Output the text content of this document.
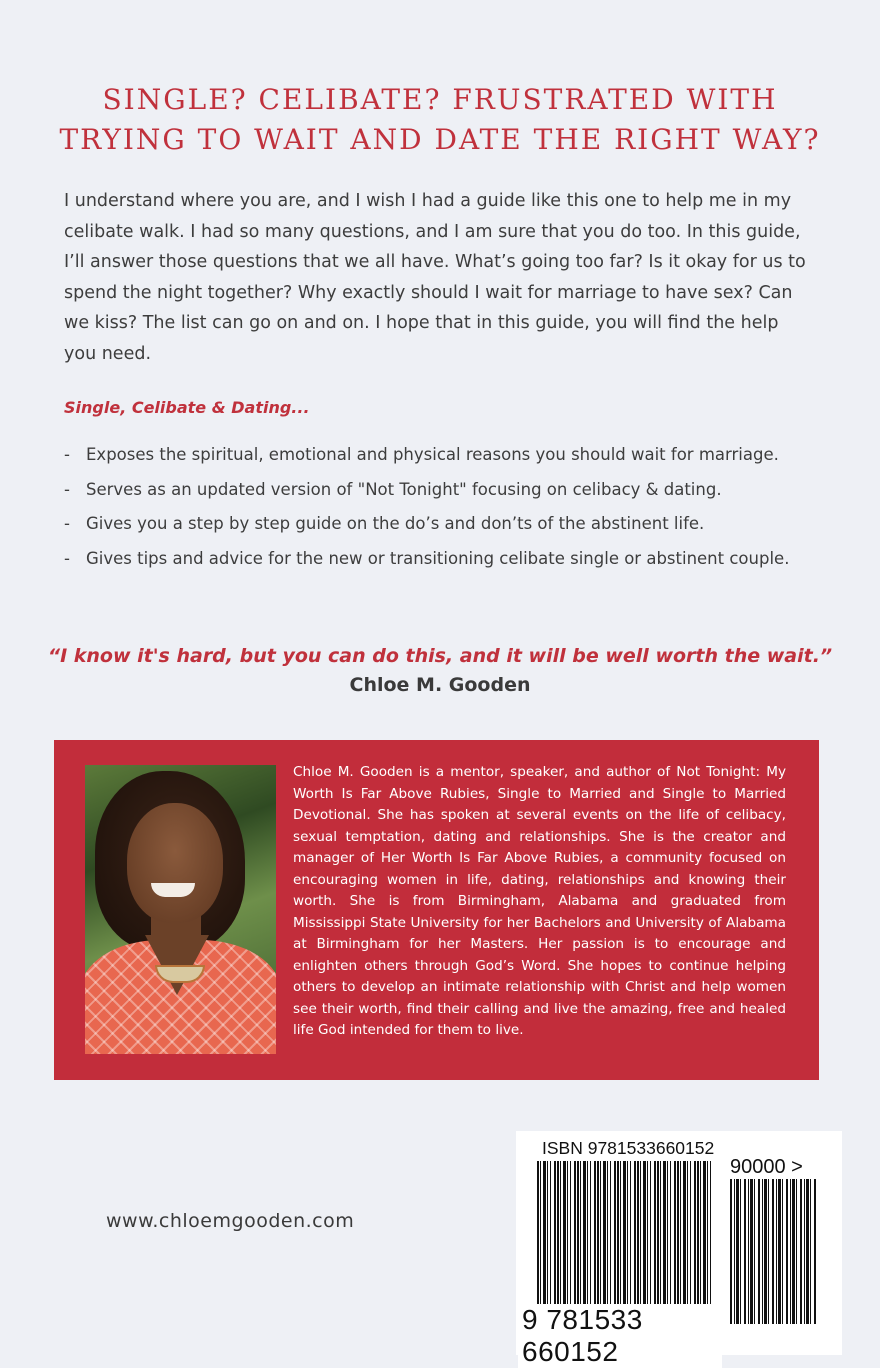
SINGLE? CELIBATE? FRUSTRATED WITH
TRYING TO WAIT AND DATE THE RIGHT WAY?

I understand where you are, and I wish I had a guide like this one to help me in my celibate walk. I had so many questions, and I am sure that you do too. In this guide, I’ll answer those questions that we all have. What’s going too far? Is it okay for us to spend the night together? Why exactly should I wait for marriage to have sex? Can we kiss? The list can go on and on. I hope that in this guide, you will find the help you need.

Single, Celibate & Dating...

- Exposes the spiritual, emotional and physical reasons you should wait for marriage.
- Serves as an updated version of "Not Tonight" focusing on celibacy & dating.
- Gives you a step by step guide on the do’s and don’ts of the abstinent life.
- Gives tips and advice for the new or transitioning celibate single or abstinent couple.

“I know it's hard, but you can do this, and it will be well worth the wait.”

Chloe M. Gooden

Chloe M. Gooden is a mentor, speaker, and author of Not Tonight: My Worth Is Far Above Rubies, Single to Married and Single to Married Devotional. She has spoken at several events on the life of celibacy, sexual temptation, dating and relationships. She is the creator and manager of Her Worth Is Far Above Rubies, a community focused on encouraging women in life, dating, relationships and knowing their worth. She is from Birmingham, Alabama and graduated from Mississippi State University for her Bachelors and University of Alabama at Birmingham for her Masters. Her passion is to encourage and enlighten others through God’s Word. She hopes to continue helping others to develop an intimate relationship with Christ and help women see their worth, find their calling and live the amazing, free and healed life God intended for them to live.

www.chloemgooden.com

ISBN 9781533660152

90000 >

9 781533 660152
